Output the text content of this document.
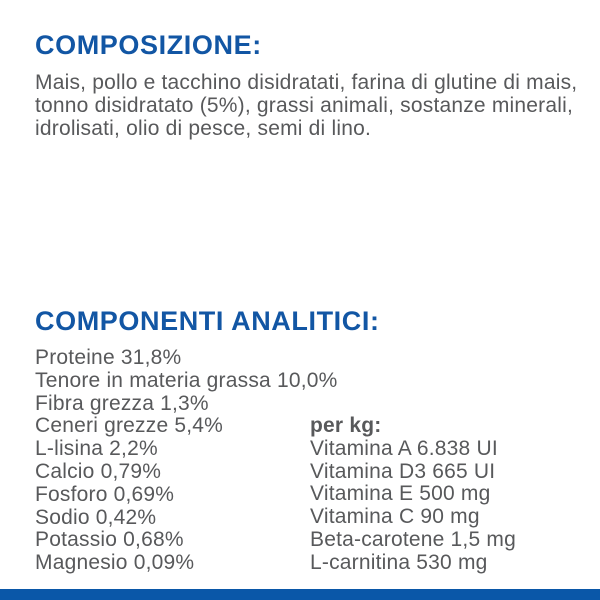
COMPOSIZIONE:

Mais, pollo e tacchino disidratati, farina di glutine di mais, tonno disidratato (5%), grassi animali, sostanze minerali, idrolisati, olio di pesce, semi di lino.

COMPONENTI ANALITICI:
Proteine 31,8%
Tenore in materia grassa 10,0%
Fibra grezza 1,3%
Ceneri grezze 5,4%
L-lisina 2,2%
Calcio 0,79%
Fosforo 0,69%
Sodio 0,42%
Potassio 0,68%
Magnesio 0,09%
per kg:
Vitamina A 6.838 UI
Vitamina D3 665 UI
Vitamina E 500 mg
Vitamina C 90 mg
Beta-carotene 1,5 mg
L-carnitina 530 mg
